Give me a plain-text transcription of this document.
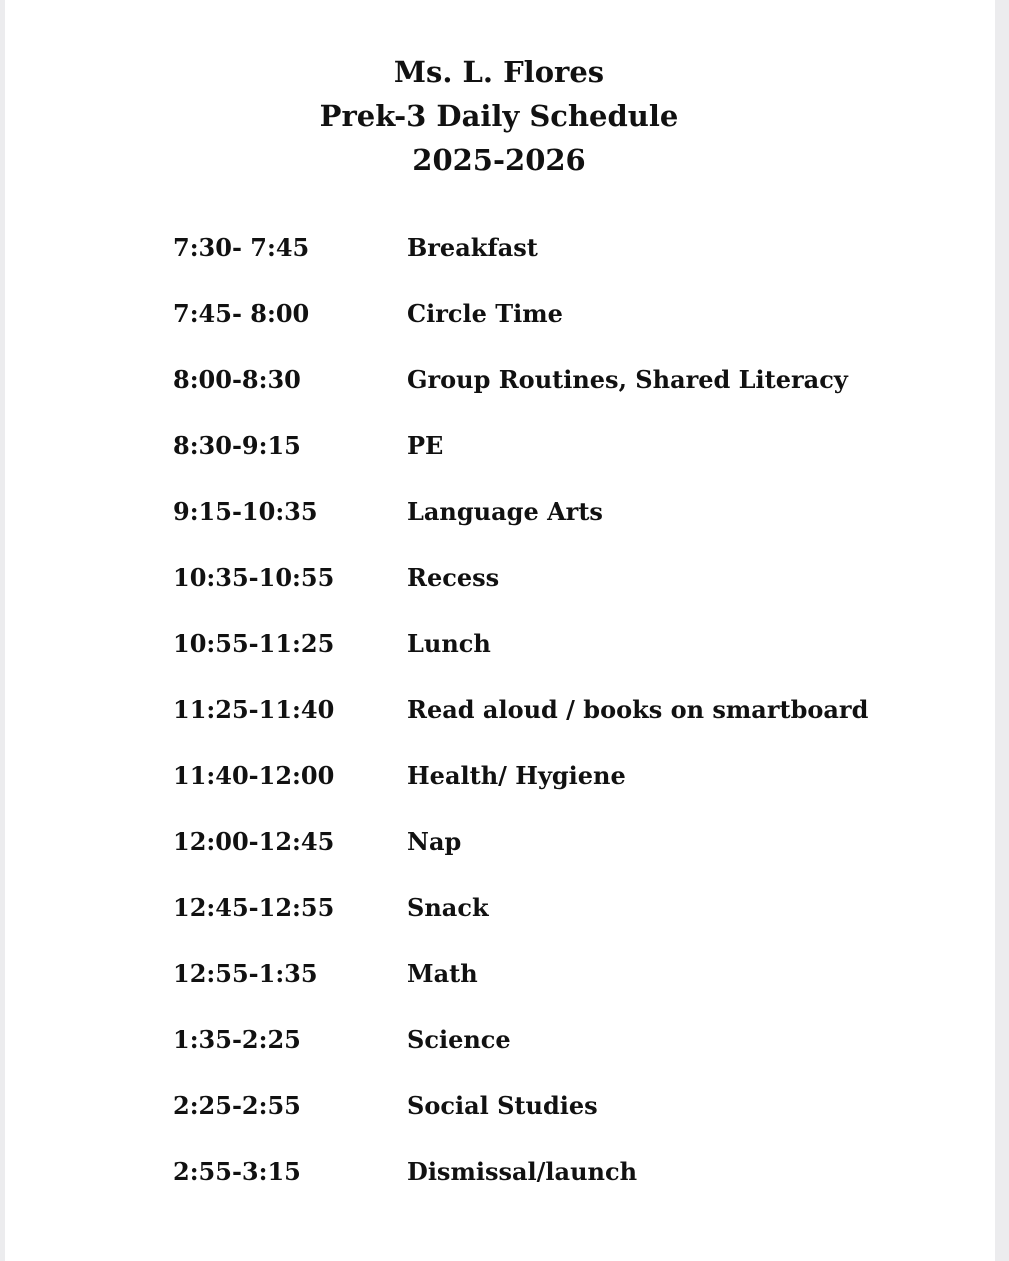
Ms. L. Flores
Prek-3 Daily Schedule
2025-2026
7:30- 7:45	Breakfast
7:45- 8:00	Circle Time
8:00-8:30	Group Routines, Shared Literacy
8:30-9:15	PE
9:15-10:35	Language Arts
10:35-10:55	Recess
10:55-11:25	Lunch
11:25-11:40	Read aloud / books on smartboard
11:40-12:00	Health/ Hygiene
12:00-12:45	Nap
12:45-12:55	Snack
12:55-1:35	Math
1:35-2:25	Science
2:25-2:55	Social Studies
2:55-3:15	Dismissal/launch
